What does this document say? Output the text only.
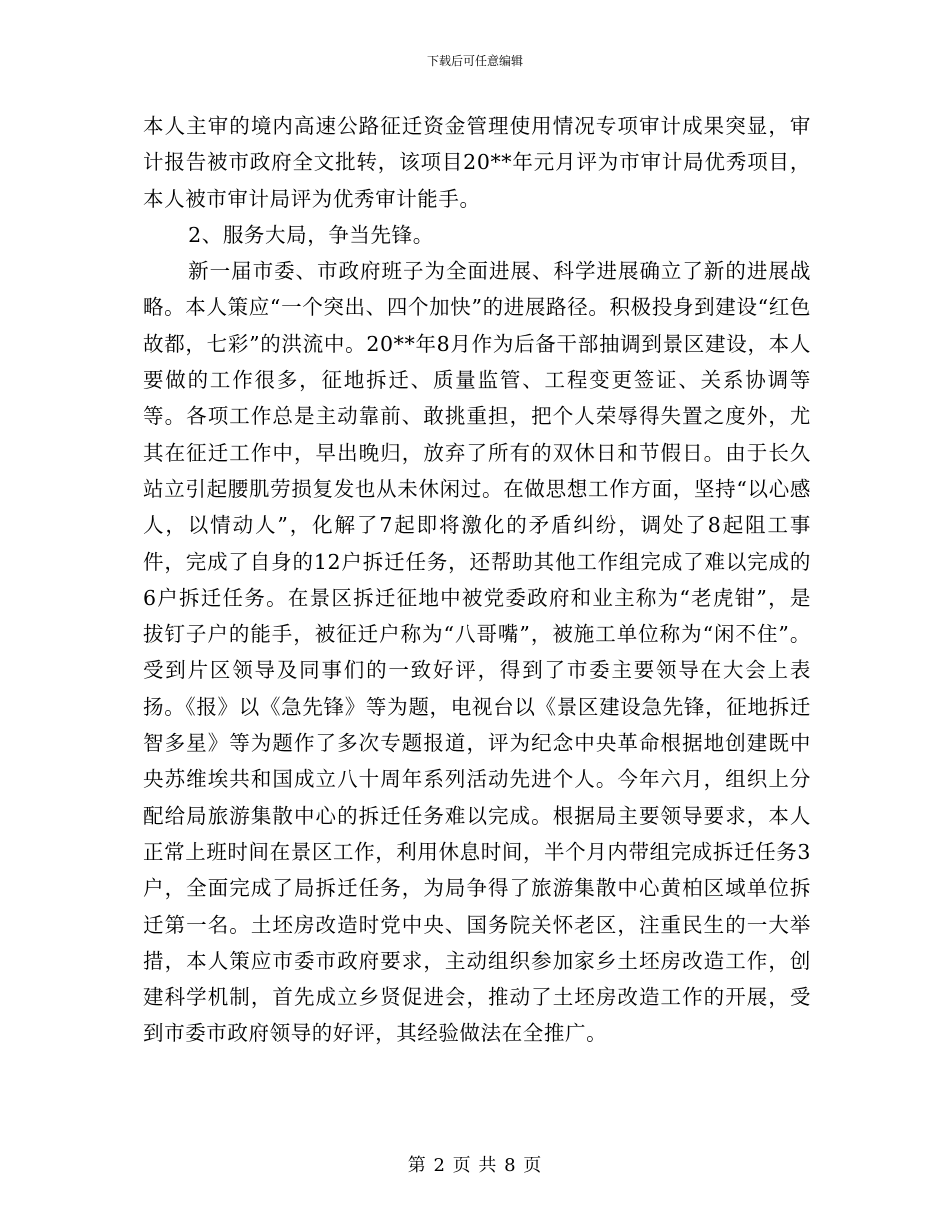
下载后可任意编辑

本人主审的境内高速公路征迁资金管理使用情况专项审计成果突显，审计报告被市政府全文批转，该项目20**年元月评为市审计局优秀项目，本人被市审计局评为优秀审计能手。

2、服务大局，争当先锋。

新一届市委、市政府班子为全面进展、科学进展确立了新的进展战略。本人策应“一个突出、四个加快”的进展路径。积极投身到建设“红色故都，七彩”的洪流中。20**年8月作为后备干部抽调到景区建设，本人要做的工作很多，征地拆迁、质量监管、工程变更签证、关系协调等等。各项工作总是主动靠前、敢挑重担，把个人荣辱得失置之度外，尤其在征迁工作中，早出晚归，放弃了所有的双休日和节假日。由于长久站立引起腰肌劳损复发也从未休闲过。在做思想工作方面，坚持“以心感人，以情动人”，化解了7起即将激化的矛盾纠纷，调处了8起阻工事件，完成了自身的12户拆迁任务，还帮助其他工作组完成了难以完成的6户拆迁任务。在景区拆迁征地中被党委政府和业主称为“老虎钳”，是拔钉子户的能手，被征迁户称为“八哥嘴”，被施工单位称为“闲不住”。受到片区领导及同事们的一致好评，得到了市委主要领导在大会上表扬。《报》以《急先锋》等为题，电视台以《景区建设急先锋，征地拆迁智多星》等为题作了多次专题报道，评为纪念中央革命根据地创建既中央苏维埃共和国成立八十周年系列活动先进个人。今年六月，组织上分配给局旅游集散中心的拆迁任务难以完成。根据局主要领导要求，本人正常上班时间在景区工作，利用休息时间，半个月内带组完成拆迁任务3户，全面完成了局拆迁任务，为局争得了旅游集散中心黄柏区域单位拆迁第一名。土坯房改造时党中央、国务院关怀老区，注重民生的一大举措，本人策应市委市政府要求，主动组织参加家乡土坯房改造工作，创建科学机制，首先成立乡贤促进会，推动了土坯房改造工作的开展，受到市委市政府领导的好评，其经验做法在全推广。

第 2 页 共 8 页
